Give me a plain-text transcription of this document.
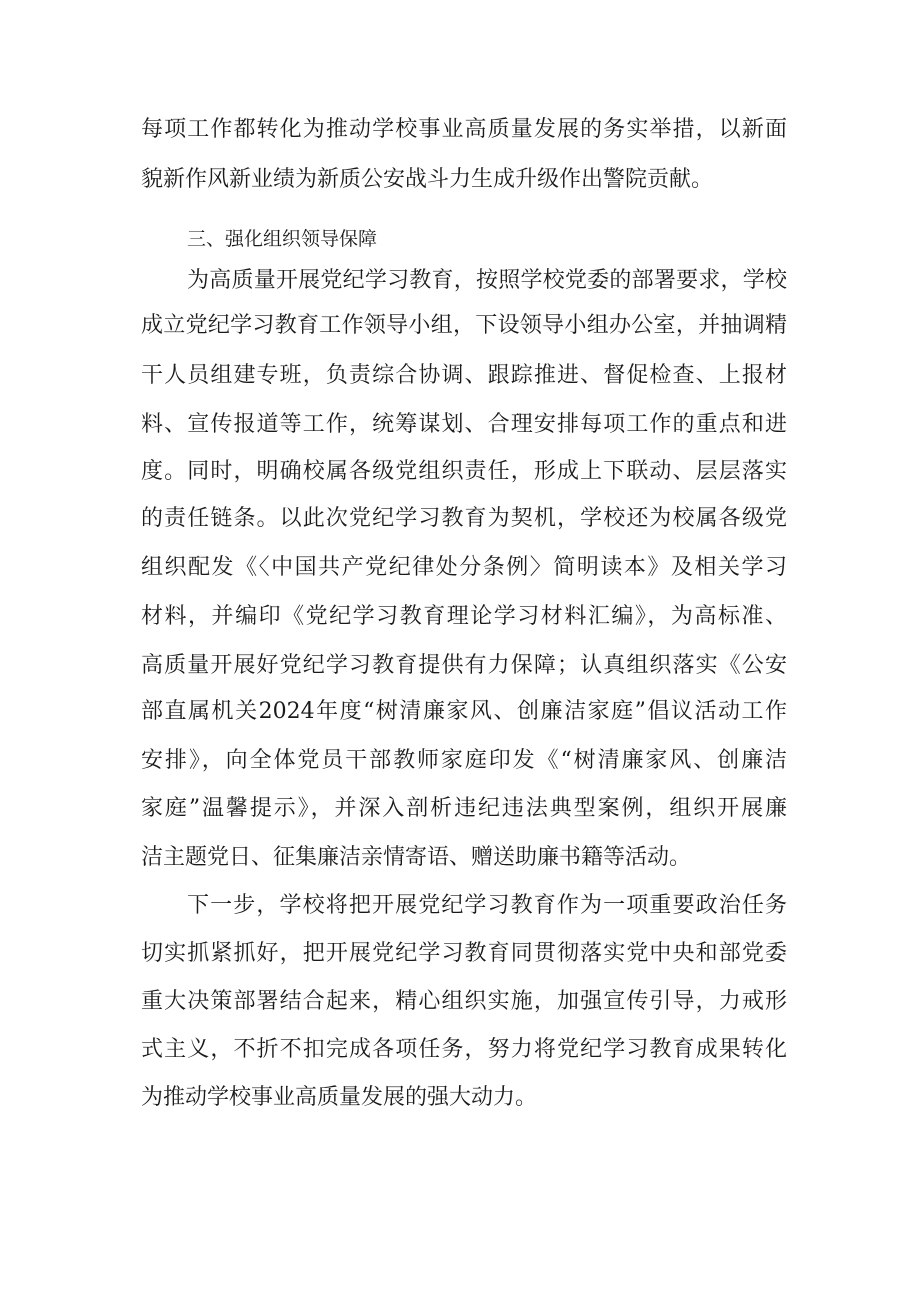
每项工作都转化为推动学校事业高质量发展的务实举措，以新面
貌新作风新业绩为新质公安战斗力生成升级作出警院贡献。
三、强化组织领导保障
为高质量开展党纪学习教育，按照学校党委的部署要求，学校
成立党纪学习教育工作领导小组，下设领导小组办公室，并抽调精
干人员组建专班，负责综合协调、跟踪推进、督促检查、上报材
料、宣传报道等工作，统筹谋划、合理安排每项工作的重点和进
度。同时，明确校属各级党组织责任，形成上下联动、层层落实
的责任链条。以此次党纪学习教育为契机，学校还为校属各级党
组织配发《〈中国共产党纪律处分条例〉简明读本》及相关学习
材料，并编印《党纪学习教育理论学习材料汇编》，为高标准、
高质量开展好党纪学习教育提供有力保障；认真组织落实《公安
部直属机关2024年度“树清廉家风、创廉洁家庭”倡议活动工作
安排》，向全体党员干部教师家庭印发《“树清廉家风、创廉洁
家庭”温馨提示》，并深入剖析违纪违法典型案例，组织开展廉
洁主题党日、征集廉洁亲情寄语、赠送助廉书籍等活动。
下一步，学校将把开展党纪学习教育作为一项重要政治任务
切实抓紧抓好，把开展党纪学习教育同贯彻落实党中央和部党委
重大决策部署结合起来，精心组织实施，加强宣传引导，力戒形
式主义，不折不扣完成各项任务，努力将党纪学习教育成果转化
为推动学校事业高质量发展的强大动力。
